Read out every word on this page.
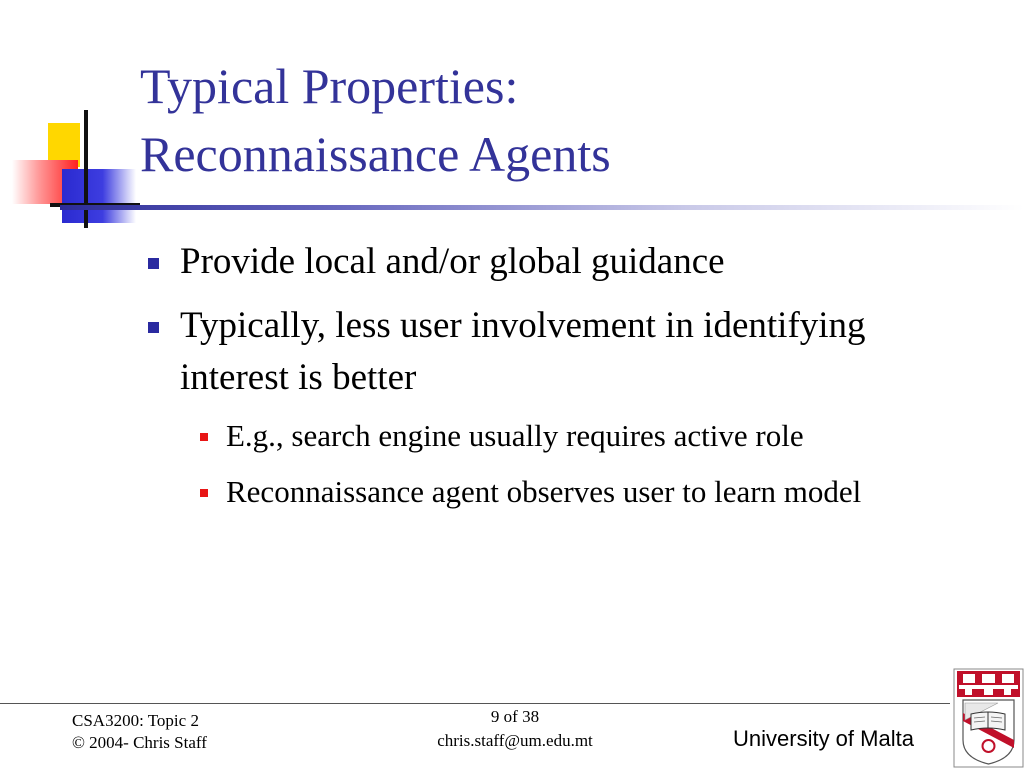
Typical Properties:
Reconnaissance Agents
Provide local and/or global guidance
Typically, less user involvement in identifying interest is better
E.g., search engine usually requires active role
Reconnaissance agent observes user to learn model
CSA3200: Topic 2
© 2004- Chris Staff
9 of 38
chris.staff@um.edu.mt	University of Malta
